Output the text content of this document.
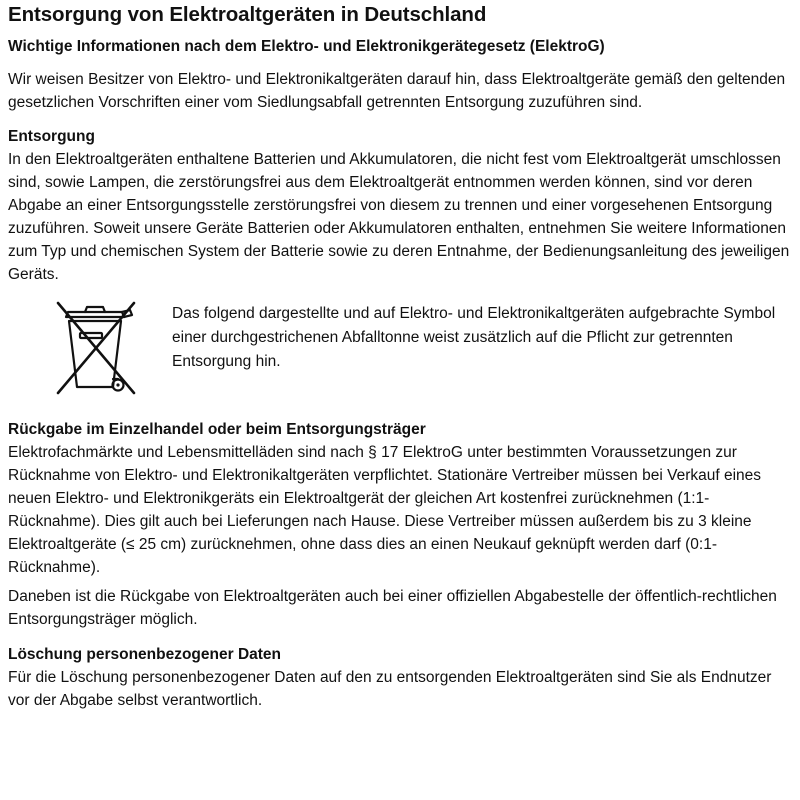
Entsorgung von Elektroaltgeräten in Deutschland
Wichtige Informationen nach dem Elektro- und Elektronikgerätegesetz (ElektroG)

Wir weisen Besitzer von Elektro- und Elektronikaltgeräten darauf hin, dass Elektroaltgeräte gemäß den geltenden gesetzlichen Vorschriften einer vom Siedlungsabfall getrennten Entsorgung zuzuführen sind.

Entsorgung

In den Elektroaltgeräten enthaltene Batterien und Akkumulatoren, die nicht fest vom Elektroaltgerät umschlossen sind, sowie Lampen, die zerstörungsfrei aus dem Elektroaltgerät entnommen werden können, sind vor deren Abgabe an einer Entsorgungsstelle zerstörungsfrei von diesem zu trennen und einer vorgesehenen Entsorgung zuzuführen. Soweit unsere Geräte Batterien oder Akkumulatoren enthalten, entnehmen Sie weitere Informationen zum Typ und chemischen System der Batterie sowie zu deren Entnahme, der Bedienungsanleitung des jeweiligen Geräts.

Das folgend dargestellte und auf Elektro- und Elektronikaltgeräten aufgebrachte Symbol einer durchgestrichenen Abfalltonne weist zusätzlich auf die Pflicht zur getrennten Entsorgung hin.

Rückgabe im Einzelhandel oder beim Entsorgungsträger

Elektrofachmärkte und Lebensmittelläden sind nach § 17 ElektroG unter bestimmten Voraussetzungen zur Rücknahme von Elektro- und Elektronikaltgeräten verpflichtet. Stationäre Vertreiber müssen bei Verkauf eines neuen Elektro- und Elektronikgeräts ein Elektroaltgerät der gleichen Art kostenfrei zurücknehmen (1:1-Rücknahme). Dies gilt auch bei Lieferungen nach Hause. Diese Vertreiber müssen außerdem bis zu 3 kleine Elektroaltgeräte (≤ 25 cm) zurücknehmen, ohne dass dies an einen Neukauf geknüpft werden darf (0:1-Rücknahme).

Daneben ist die Rückgabe von Elektroaltgeräten auch bei einer offiziellen Abgabestelle der öffentlich-rechtlichen Entsorgungsträger möglich.

Löschung personenbezogener Daten

Für die Löschung personenbezogener Daten auf den zu entsorgenden Elektroaltgeräten sind Sie als Endnutzer vor der Abgabe selbst verantwortlich.
